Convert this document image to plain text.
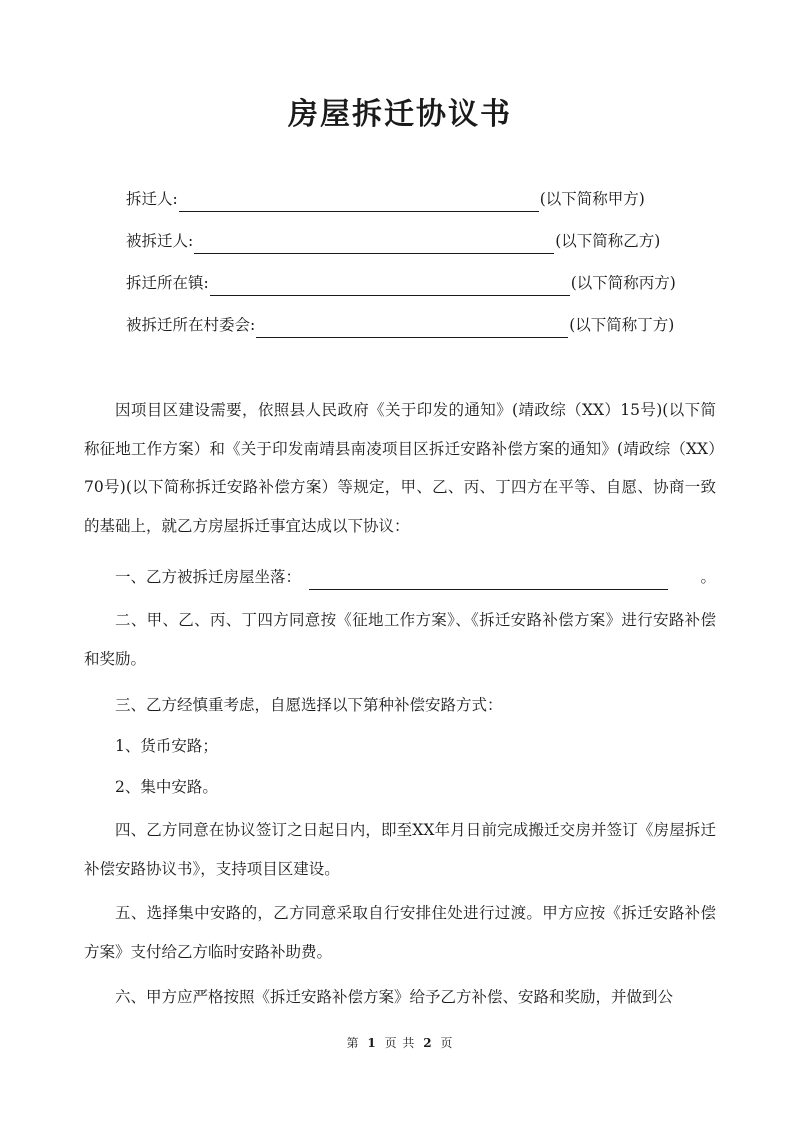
房屋拆迁协议书
拆迁人:	(以下简称甲方)
被拆迁人:	(以下简称乙方)
拆迁所在镇:	(以下简称丙方)
被拆迁所在村委会:	(以下简称丁方)

因项目区建设需要，依照县人民政府《关于印发的通知》(靖政综（XX）15号)(以下简称征地工作方案）和《关于印发南靖县南凌项目区拆迁安路补偿方案的通知》(靖政综（XX）70号)(以下简称拆迁安路补偿方案）等规定，甲、乙、丙、丁四方在平等、自愿、协商一致的基础上，就乙方房屋拆迁事宜达成以下协议：

一、乙方被拆迁房屋坐落：	。

二、甲、乙、丙、丁四方同意按《征地工作方案》、《拆迁安路补偿方案》进行安路补偿和奖励。

三、乙方经慎重考虑，自愿选择以下第种补偿安路方式：

1、货币安路；

2、集中安路。

四、乙方同意在协议签订之日起日内，即至XX年月日前完成搬迁交房并签订《房屋拆迁补偿安路协议书》，支持项目区建设。

五、选择集中安路的，乙方同意采取自行安排住处进行过渡。甲方应按《拆迁安路补偿方案》支付给乙方临时安路补助费。

六、甲方应严格按照《拆迁安路补偿方案》给予乙方补偿、安路和奖励，并做到公

第 1 页 共 2 页
